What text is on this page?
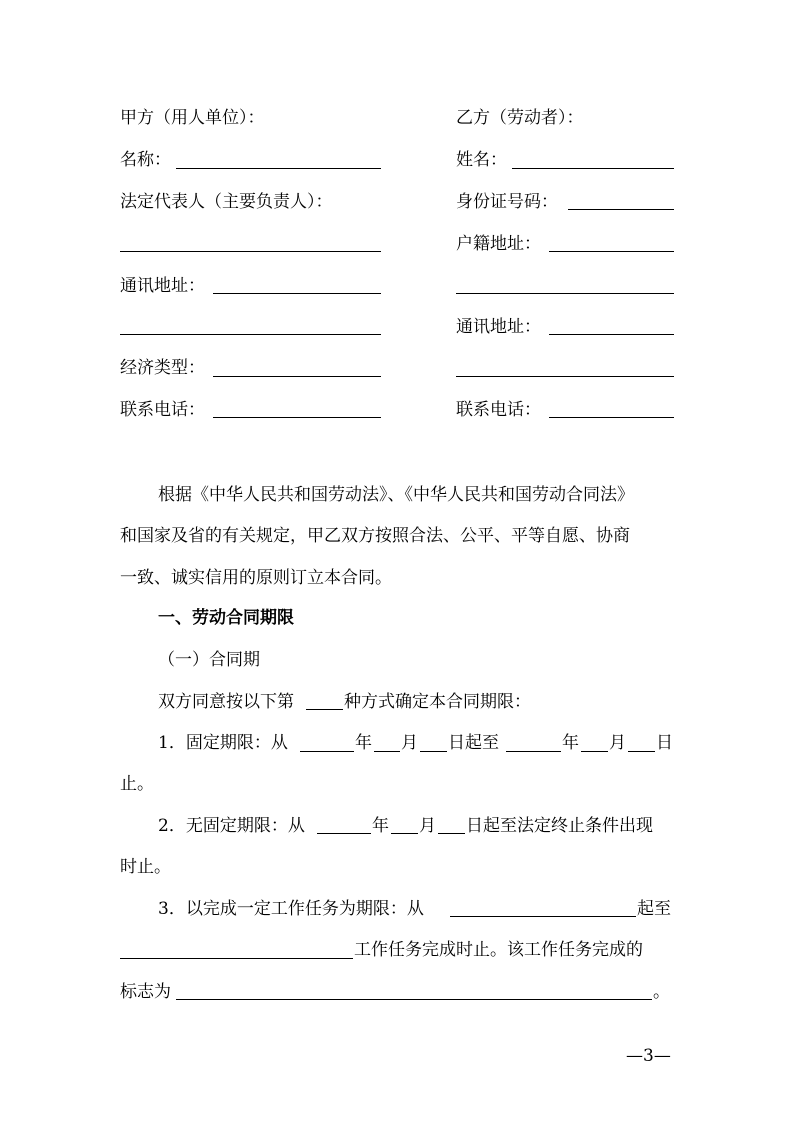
甲方（用人单位）：
名称：
法定代表人（主要负责人）：
通讯地址：
经济类型：
联系电话：
乙方（劳动者）：
姓名：
身份证号码：
户籍地址：
通讯地址：
联系电话：
根据《中华人民共和国劳动法》、《中华人民共和国劳动合同法》
和国家及省的有关规定，甲乙双方按照合法、公平、平等自愿、协商
一致、诚实信用的原则订立本合同。
一、劳动合同期限
（一）合同期
双方同意按以下第	种方式确定本合同期限：
1．固定期限：从	年 月 日起至	年 月 日
止。
2．无固定期限：从	年 月 日起至法定终止条件出现
时止。
3．以完成一定工作任务为期限：从	起至
工作任务完成时止。该工作任务完成的
标志为	。
—3—
